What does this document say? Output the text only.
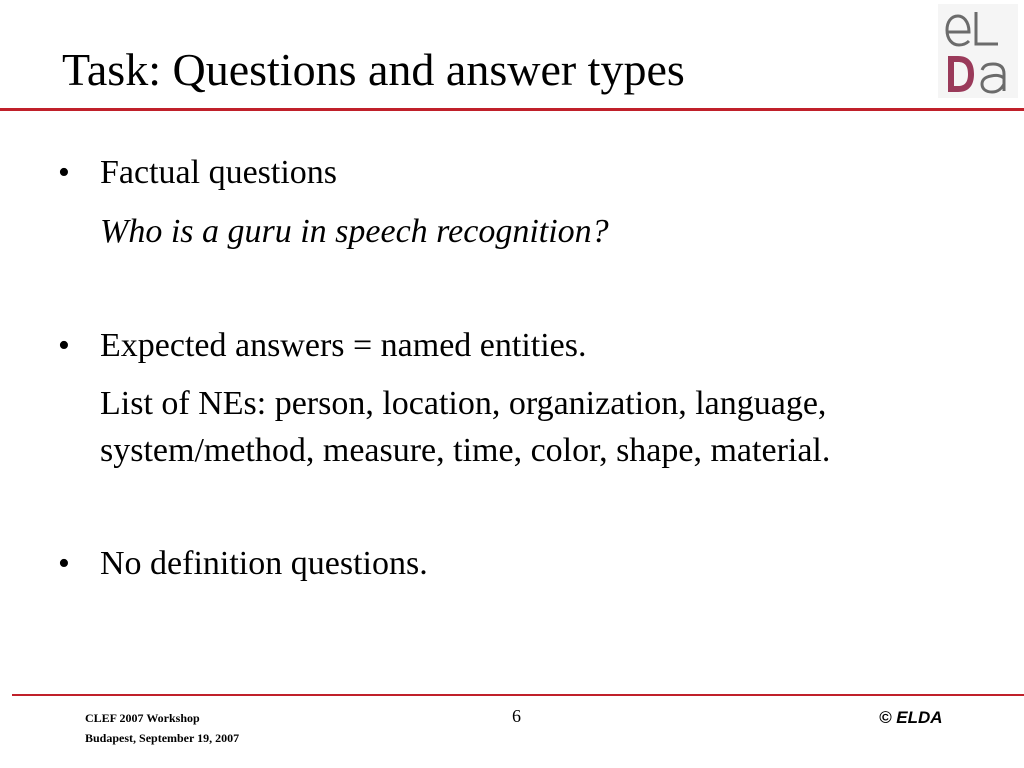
Task: Questions and answer types
• Factual questions
Who is a guru in speech recognition?
• Expected answers = named entities.
List of NEs: person, location, organization, language,
system/method, measure, time, color, shape, material.
• No definition questions.
CLEF 2007 Workshop
Budapest, September 19, 2007
6	© ELDA
